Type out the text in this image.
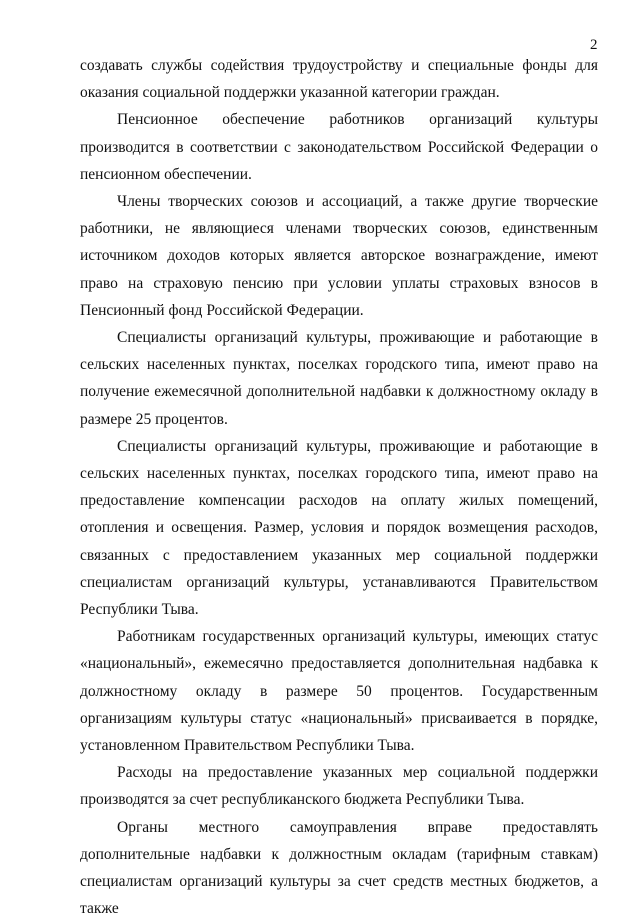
2

создавать службы содействия трудоустройству и специальные фонды для оказания социальной поддержки указанной категории граждан.

Пенсионное обеспечение работников организаций культуры производится в соответствии с законодательством Российской Федерации о пенсионном обеспечении.

Члены творческих союзов и ассоциаций, а также другие творческие работники, не являющиеся членами творческих союзов, единственным источником доходов которых является авторское вознаграждение, имеют право на страховую пенсию при условии уплаты страховых взносов в Пенсионный фонд Российской Федерации.

Специалисты организаций культуры, проживающие и работающие в сельских населенных пунктах, поселках городского типа, имеют право на получение ежемесячной дополнительной надбавки к должностному окладу в размере 25 процентов.

Специалисты организаций культуры, проживающие и работающие в сельских населенных пунктах, поселках городского типа, имеют право на предоставление компенсации расходов на оплату жилых помещений, отопления и освещения. Размер, условия и порядок возмещения расходов, связанных с предоставлением указанных мер социальной поддержки специалистам организаций культуры, устанавливаются Правительством Республики Тыва.

Работникам государственных организаций культуры, имеющих статус «национальный», ежемесячно предоставляется дополнительная надбавка к должностному окладу в размере 50 процентов. Государственным организациям культуры статус «национальный» присваивается в порядке, установленном Правительством Республики Тыва.

Расходы на предоставление указанных мер социальной поддержки производятся за счет республиканского бюджета Республики Тыва.

Органы местного самоуправления вправе предоставлять дополнительные надбавки к должностным окладам (тарифным ставкам) специалистам организаций культуры за счет средств местных бюджетов, а также
